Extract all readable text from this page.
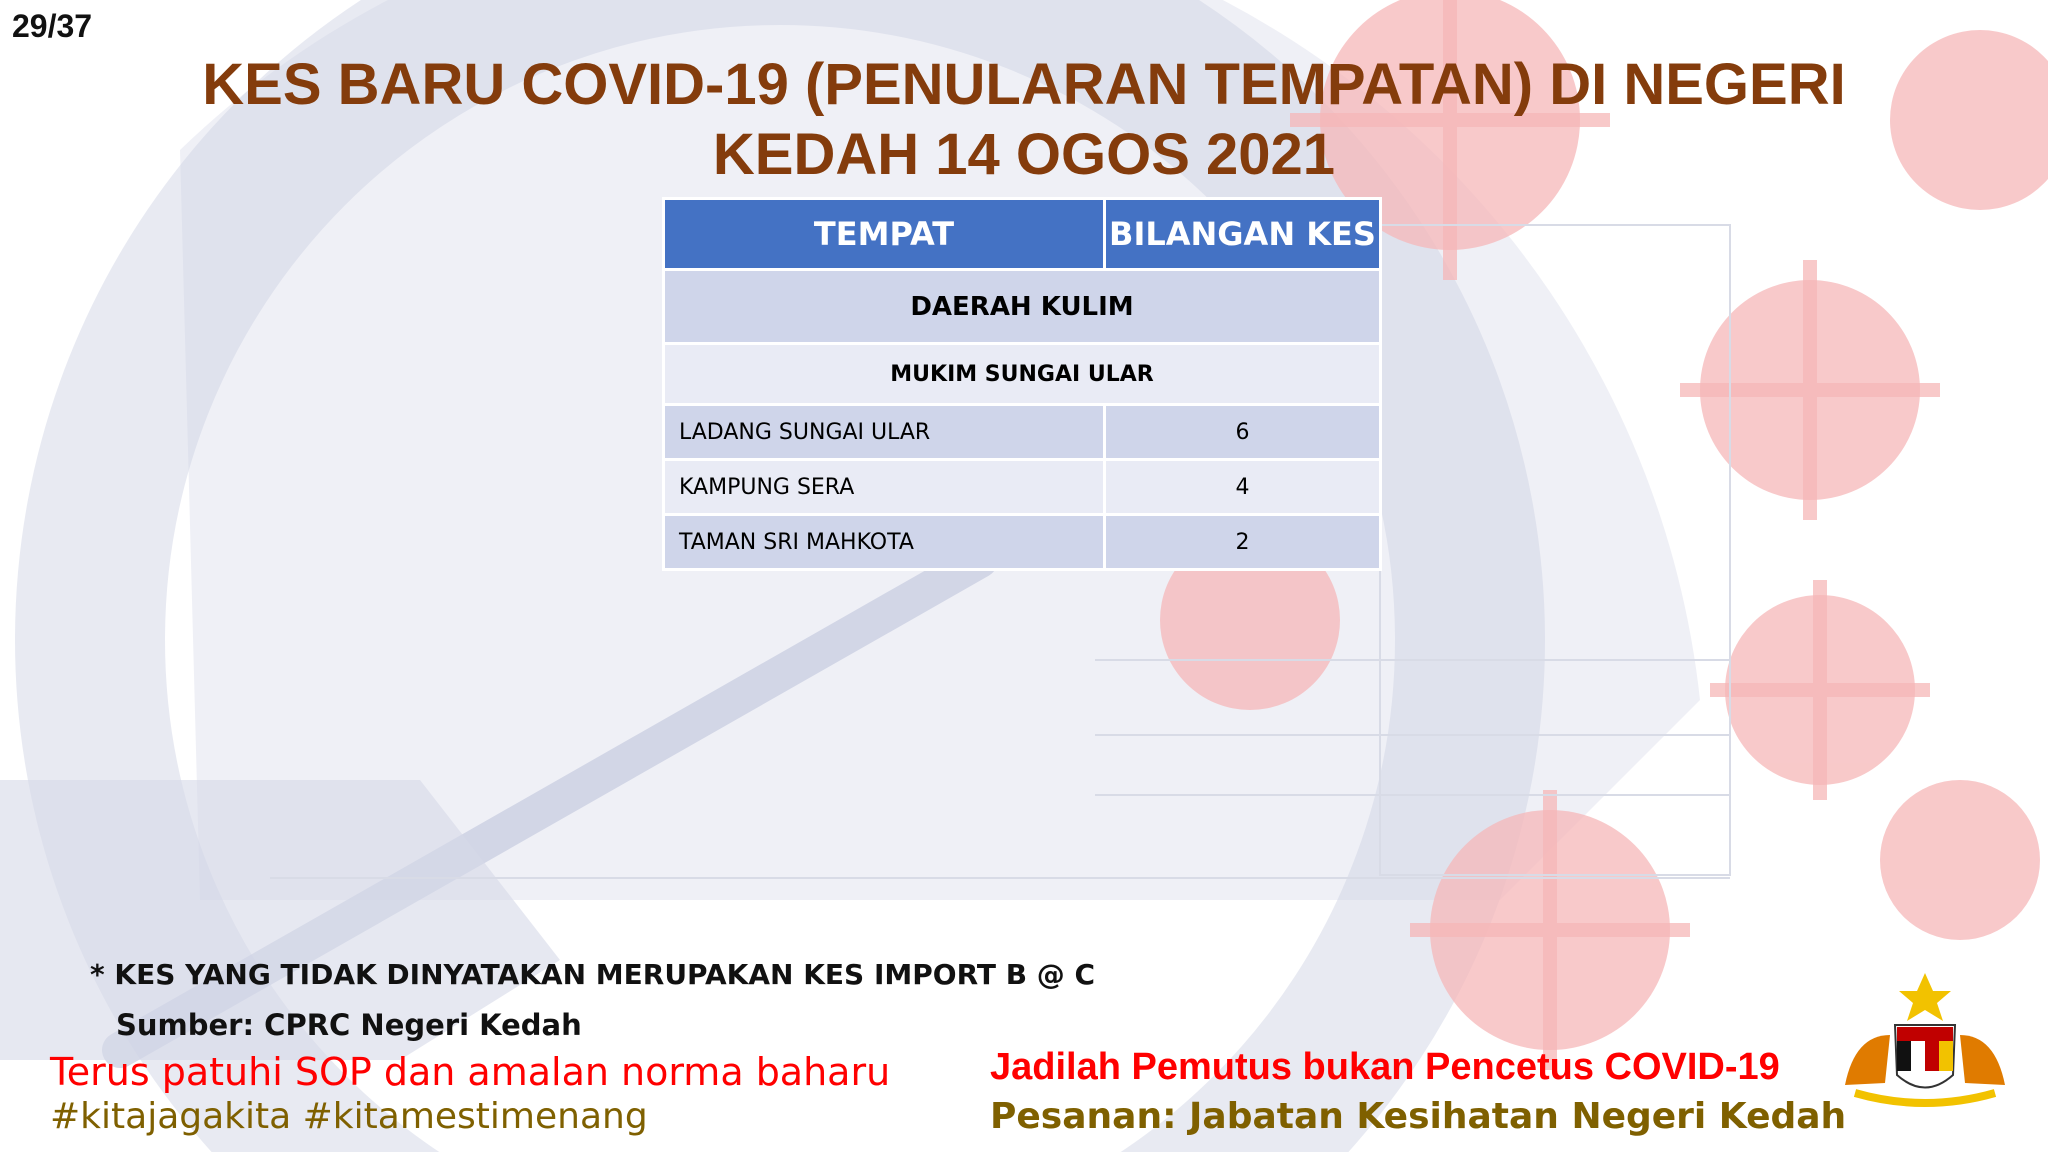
29/37
KES BARU COVID-19 (PENULARAN TEMPATAN) DI NEGERI
KEDAH 14 OGOS 2021
TEMPAT	BILANGAN KES
DAERAH KULIM	
MUKIM SUNGAI ULAR	
LADANG SUNGAI ULAR	6
KAMPUNG SERA	4
TAMAN SRI MAHKOTA	2
* KES YANG TIDAK DINYATAKAN MERUPAKAN KES IMPORT B @ C
Sumber: CPRC Negeri Kedah
Terus patuhi SOP dan amalan norma baharu
#kitajagakita #kitamestimenang
Jadilah Pemutus bukan Pencetus COVID-19
Pesanan: Jabatan Kesihatan Negeri Kedah
